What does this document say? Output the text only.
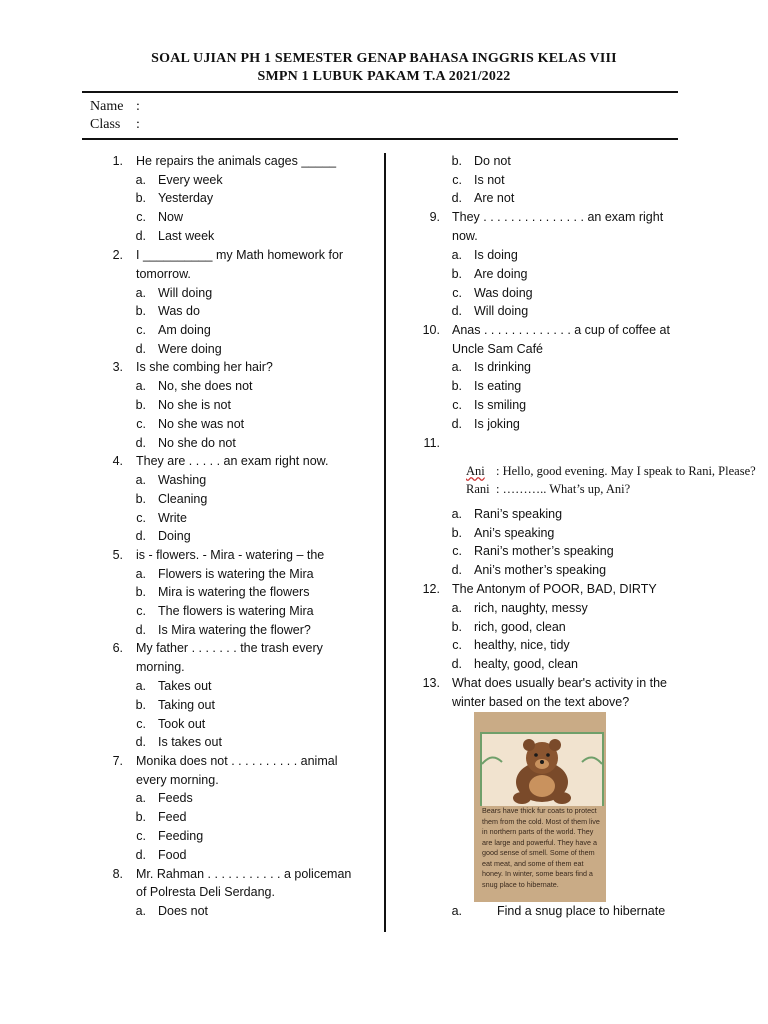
SOAL UJIAN PH 1 SEMESTER GENAP BAHASA INGGRIS KELAS VIII
SMPN 1 LUBUK PAKAM T.A 2021/2022
Name :
Class	:
1. He repairs the animals cages _____
a. Every week
b. Yesterday
c. Now
d. Last week
2. I __________ my Math homework for
tomorrow.
a. Will doing
b. Was do
c. Am doing
d. Were doing
3. Is she combing her hair?
a. No, she does not
b. No she is not
c. No she was not
d. No she do not
4. They are . . . . . an exam right now.
a. Washing
b. Cleaning
c. Write
d. Doing
5. is - flowers. - Mira - watering – the
a. Flowers is watering the Mira
b. Mira is watering the flowers
c. The flowers is watering Mira
d. Is Mira watering the flower?
6. My father . . . . . . . the trash every
morning.
a. Takes out
b. Taking out
c. Took out
d. Is takes out
7. Monika does not . . . . . . . . . . animal
every morning.
a. Feeds
b. Feed
c. Feeding
d. Food
8. Mr. Rahman . . . . . . . . . . . a policeman
of Polresta Deli Serdang.
a. Does not
b. Do not
c. Is not
d. Are not
9. They . . . . . . . . . . . . . . . an exam right
now.
a. Is doing
b. Are doing
c. Was doing
d. Will doing
10. Anas . . . . . . . . . . . . . a cup of coffee at
Uncle Sam Café
a. Is drinking
b. Is eating
c. Is smiling
d. Is joking
11.
a. Rani’s speaking
b. Ani’s speaking
c. Rani’s mother’s speaking
d. Ani’s mother’s speaking
12. The Antonym of POOR, BAD, DIRTY
a. rich, naughty, messy
b. rich, good, clean
c. healthy, nice, tidy
d. healty, good, clean
13. What does usually bear's activity in the
winter based on the text above?
a.	Find a snug place to hibernate
Ani : Hello, good evening. May I speak to Rani, Please?
Rani : ……….. What’s up, Ani?
Bears have thick fur coats to protect them from the cold. Most of them live in northern parts of the world. They are large and powerful. They have a good sense of smell. Some of them eat meat, and some of them eat honey. In winter, some bears find a snug place to hibernate.
